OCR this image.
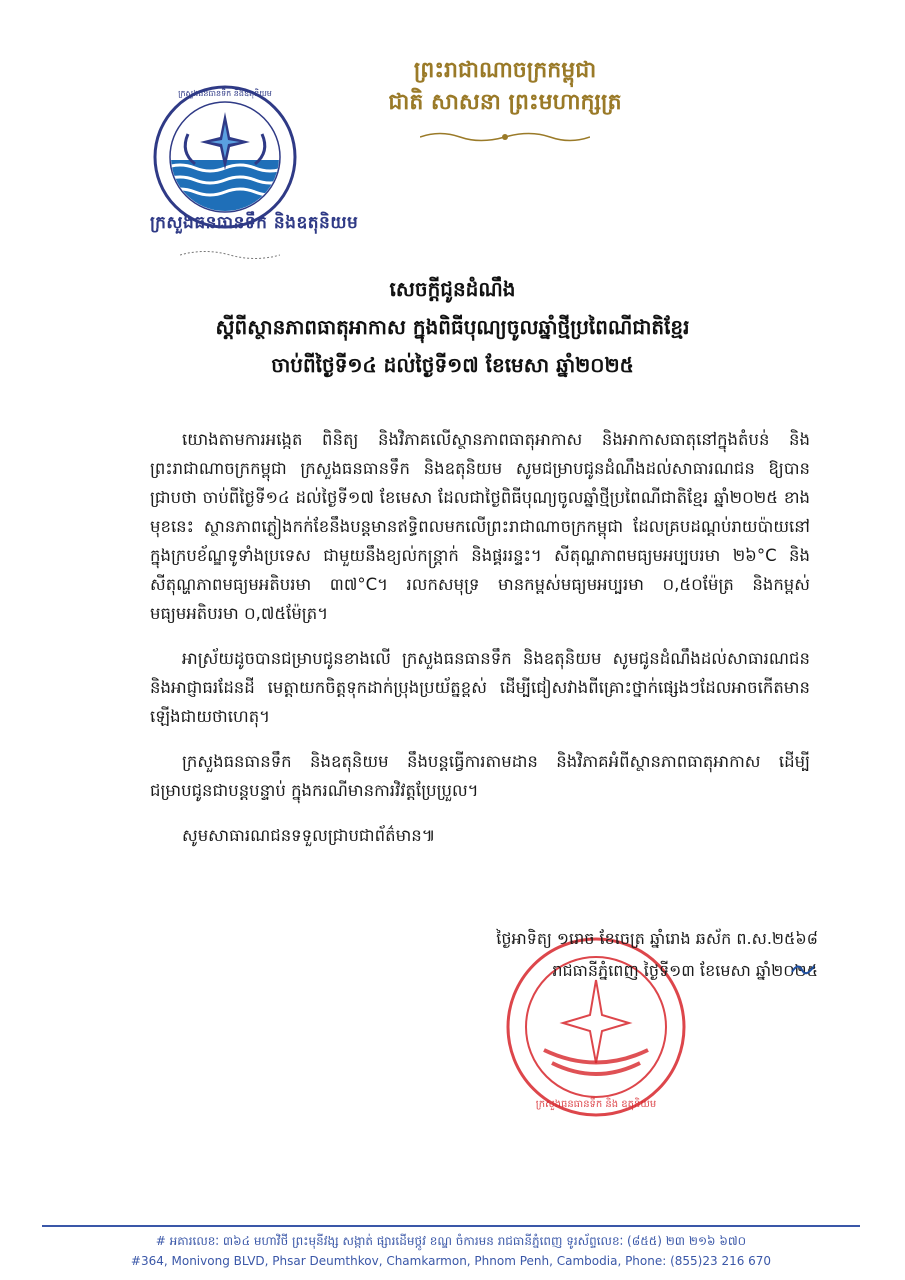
ក្រសួងធនធានទឹក និងឧតុនិយម
ក្រសួងធនធានទឹក និងឧតុនិយម
ព្រះរាជាណាចក្រកម្ពុជា
ជាតិ សាសនា ព្រះមហាក្សត្រ
សេចក្តីជូនដំណឹង
ស្តីពីស្ថានភាពធាតុអាកាស ក្នុងពិធីបុណ្យចូលឆ្នាំថ្មីប្រពៃណីជាតិខ្មែរ
ចាប់ពីថ្ងៃទី១៤ ដល់ថ្ងៃទី១៧ ខែមេសា ឆ្នាំ២០២៥

យោងតាមការអង្កេត ពិនិត្យ និងវិភាគលើស្ថានភាពធាតុអាកាស និងអាកាសធាតុនៅក្នុងតំបន់ និងព្រះរាជាណាចក្រកម្ពុជា ក្រសួងធនធានទឹក និងឧតុនិយម សូមជម្រាបជូនដំណឹងដល់សាធារណជន ឱ្យបានជ្រាបថា ចាប់ពីថ្ងៃទី១៤ ដល់ថ្ងៃទី១៧ ខែមេសា ដែលជាថ្ងៃពិធីបុណ្យចូលឆ្នាំថ្មីប្រពៃណីជាតិខ្មែរ ឆ្នាំ២០២៥ ខាងមុខនេះ ស្ថានភាពភ្លៀងកក់ខែនឹងបន្តមានឥទ្ធិពលមកលើព្រះរាជាណាចក្រកម្ពុជា ដែលគ្របដណ្តប់រាយប៉ាយនៅក្នុងក្របខ័ណ្ឌទូទាំងប្រទេស ជាមួយនឹងខ្យល់កន្ត្រាក់ និងផ្គររន្ទះ។ សីតុណ្ហភាពមធ្យមអប្បបរមា ២៦°C និងសីតុណ្ហភាពមធ្យមអតិបរមា ៣៧°C។ រលកសមុទ្រ មានកម្ពស់មធ្យមអប្បរមា ០,៥០ម៉ែត្រ និងកម្ពស់មធ្យមអតិបរមា ០,៧៥ម៉ែត្រ។

អាស្រ័យដូចបានជម្រាបជូនខាងលើ ក្រសួងធនធានទឹក និងឧតុនិយម សូមជូនដំណឹងដល់សាធារណជន និងអាជ្ញាធរដែនដី មេត្តាយកចិត្តទុកដាក់ប្រុងប្រយ័ត្នខ្ពស់ ដើម្បីជៀសវាងពីគ្រោះថ្នាក់ផ្សេងៗដែលអាចកើតមានឡើងជាយថាហេតុ។

ក្រសួងធនធានទឹក និងឧតុនិយម នឹងបន្តធ្វើការតាមដាន និងវិភាគអំពីស្ថានភាពធាតុអាកាស ដើម្បីជម្រាបជូនជាបន្តបន្ទាប់ ក្នុងករណីមានការវិវត្តប្រែប្រួល។

សូមសាធារណជនទទួលជ្រាបជាព័ត៌មាន៕

ក្រសួងធនធានទឹក និង ឧតុនិយម
ថ្ងៃអាទិត្យ ១រោច ខែចេត្រ ឆ្នាំរោង ឆស័ក ព.ស.២៥៦៨
រាជធានីភ្នំពេញ ថ្ងៃទី១៣ ខែមេសា ឆ្នាំ២០២៥
# អគារលេខៈ ៣៦៤ មហាវិថី ព្រះមុនីវង្ស សង្កាត់ ផ្សារដើមថ្កូវ ខណ្ឌ ចំការមន រាជធានីភ្នំពេញ ទូរស័ព្ទលេខៈ (៨៥៥) ២៣ ២១៦ ៦៧០
#364, Monivong BLVD, Phsar Deumthkov, Chamkarmon, Phnom Penh, Cambodia, Phone: (855)23 216 670
